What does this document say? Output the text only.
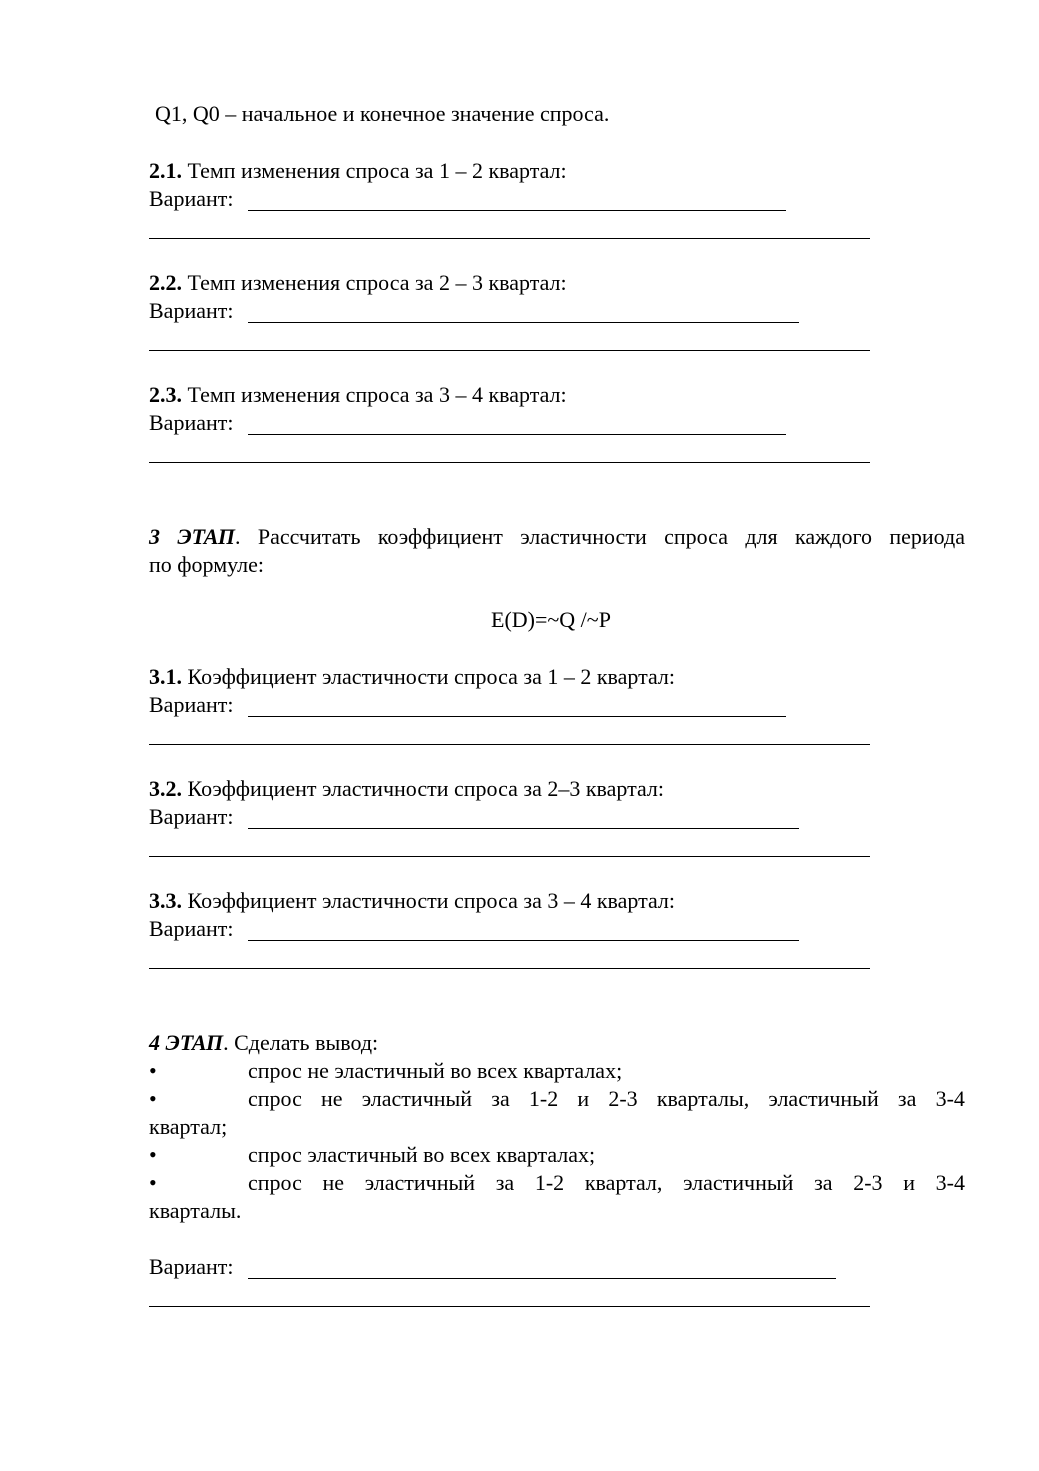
Q1, Q0 – начальное и конечное значение спроса.
2.1. Темп изменения спроса за 1 – 2 квартал:
Вариант:
2.2. Темп изменения спроса за 2 – 3 квартал:
Вариант:
2.3. Темп изменения спроса за 3 – 4 квартал:
Вариант:
3 ЭТАП. Рассчитать коэффициент эластичности спроса для каждого периода
по формуле:
E(D)=~Q /~P
3.1. Коэффициент эластичности спроса за 1 – 2 квартал:
Вариант:
3.2. Коэффициент эластичности спроса за 2–3 квартал:
Вариант:
3.3. Коэффициент эластичности спроса за 3 – 4 квартал:
Вариант:
4 ЭТАП. Сделать вывод:
•	спрос не эластичный во всех кварталах;
•	спрос не эластичный за 1-2 и 2-3 кварталы, эластичный за 3-4
квартал;
•	спрос эластичный во всех кварталах;
•	спрос не эластичный за 1-2 квартал, эластичный за 2-3 и 3-4
кварталы.
Вариант:
